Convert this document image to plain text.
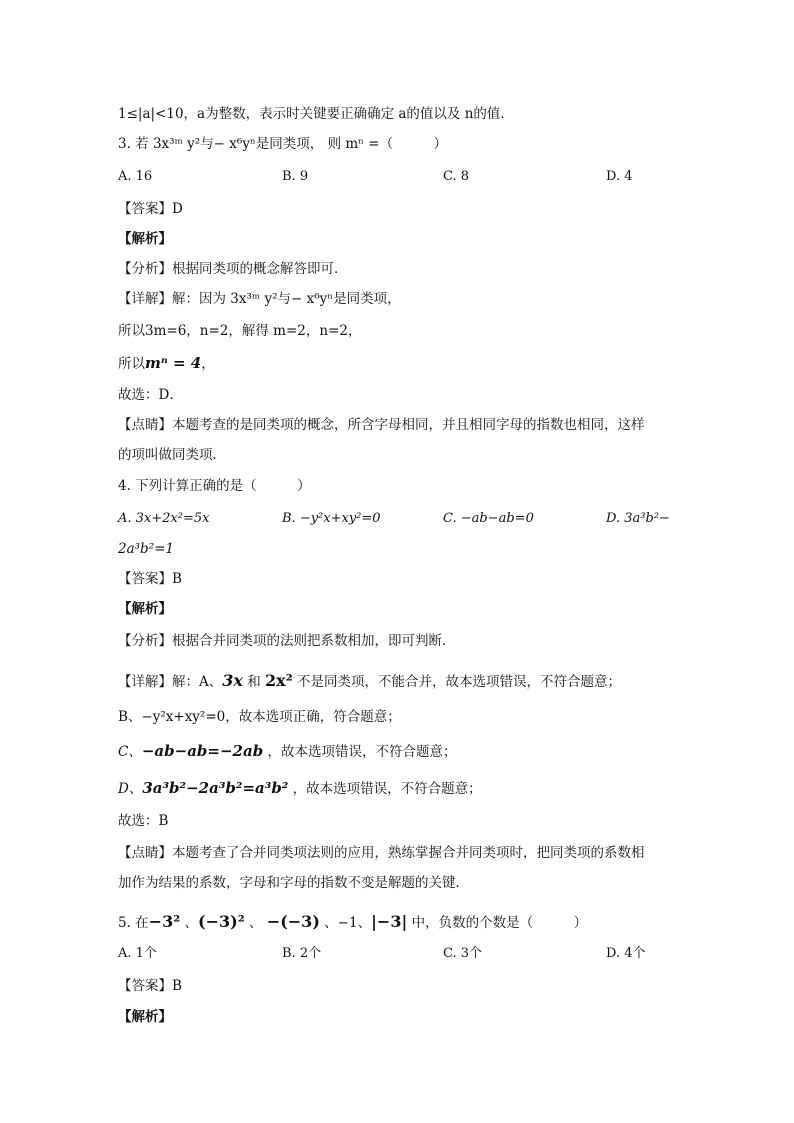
1≤|a|<10，a为整数，表示时关键要正确确定 a的值以及 n的值．
3. 若 3x³ᵐ y²与− x⁶yⁿ是同类项， 则 mⁿ =（　　　）
A. 16	B. 9	C. 8	D. 4
【答案】D
【解析】
【分析】根据同类项的概念解答即可．
【详解】解：因为 3x³ᵐ y²与− x⁶yⁿ是同类项，
所以3m=6，n=2，解得 m=2，n=2，
所以mⁿ = 4，
故选：D．
【点睛】本题考查的是同类项的概念，所含字母相同，并且相同字母的指数也相同，这样
的项叫做同类项．
4. 下列计算正确的是（　　　）
A. 3x+2x²=5x	B. −y²x+xy²=0	C. −ab−ab=0	D. 3a³b²−
2a³b²=1
【答案】B
【解析】
【分析】根据合并同类项的法则把系数相加，即可判断．
【详解】解：A、3x 和 2x² 不是同类项，不能合并，故本选项错误，不符合题意；
B、−y²x+xy²=0，故本选项正确，符合题意；
C、−ab−ab=−2ab ，故本选项错误，不符合题意；
D、3a³b²−2a³b²=a³b² ，故本选项错误，不符合题意；
故选：B
【点睛】本题考查了合并同类项法则的应用，熟练掌握合并同类项时，把同类项的系数相
加作为结果的系数，字母和字母的指数不变是解题的关键．
5. 在−3² 、(−3)² 、 −(−3) 、−1、|−3| 中，负数的个数是（　　　）
A. 1个	B. 2个	C. 3个	D. 4个
【答案】B
【解析】
